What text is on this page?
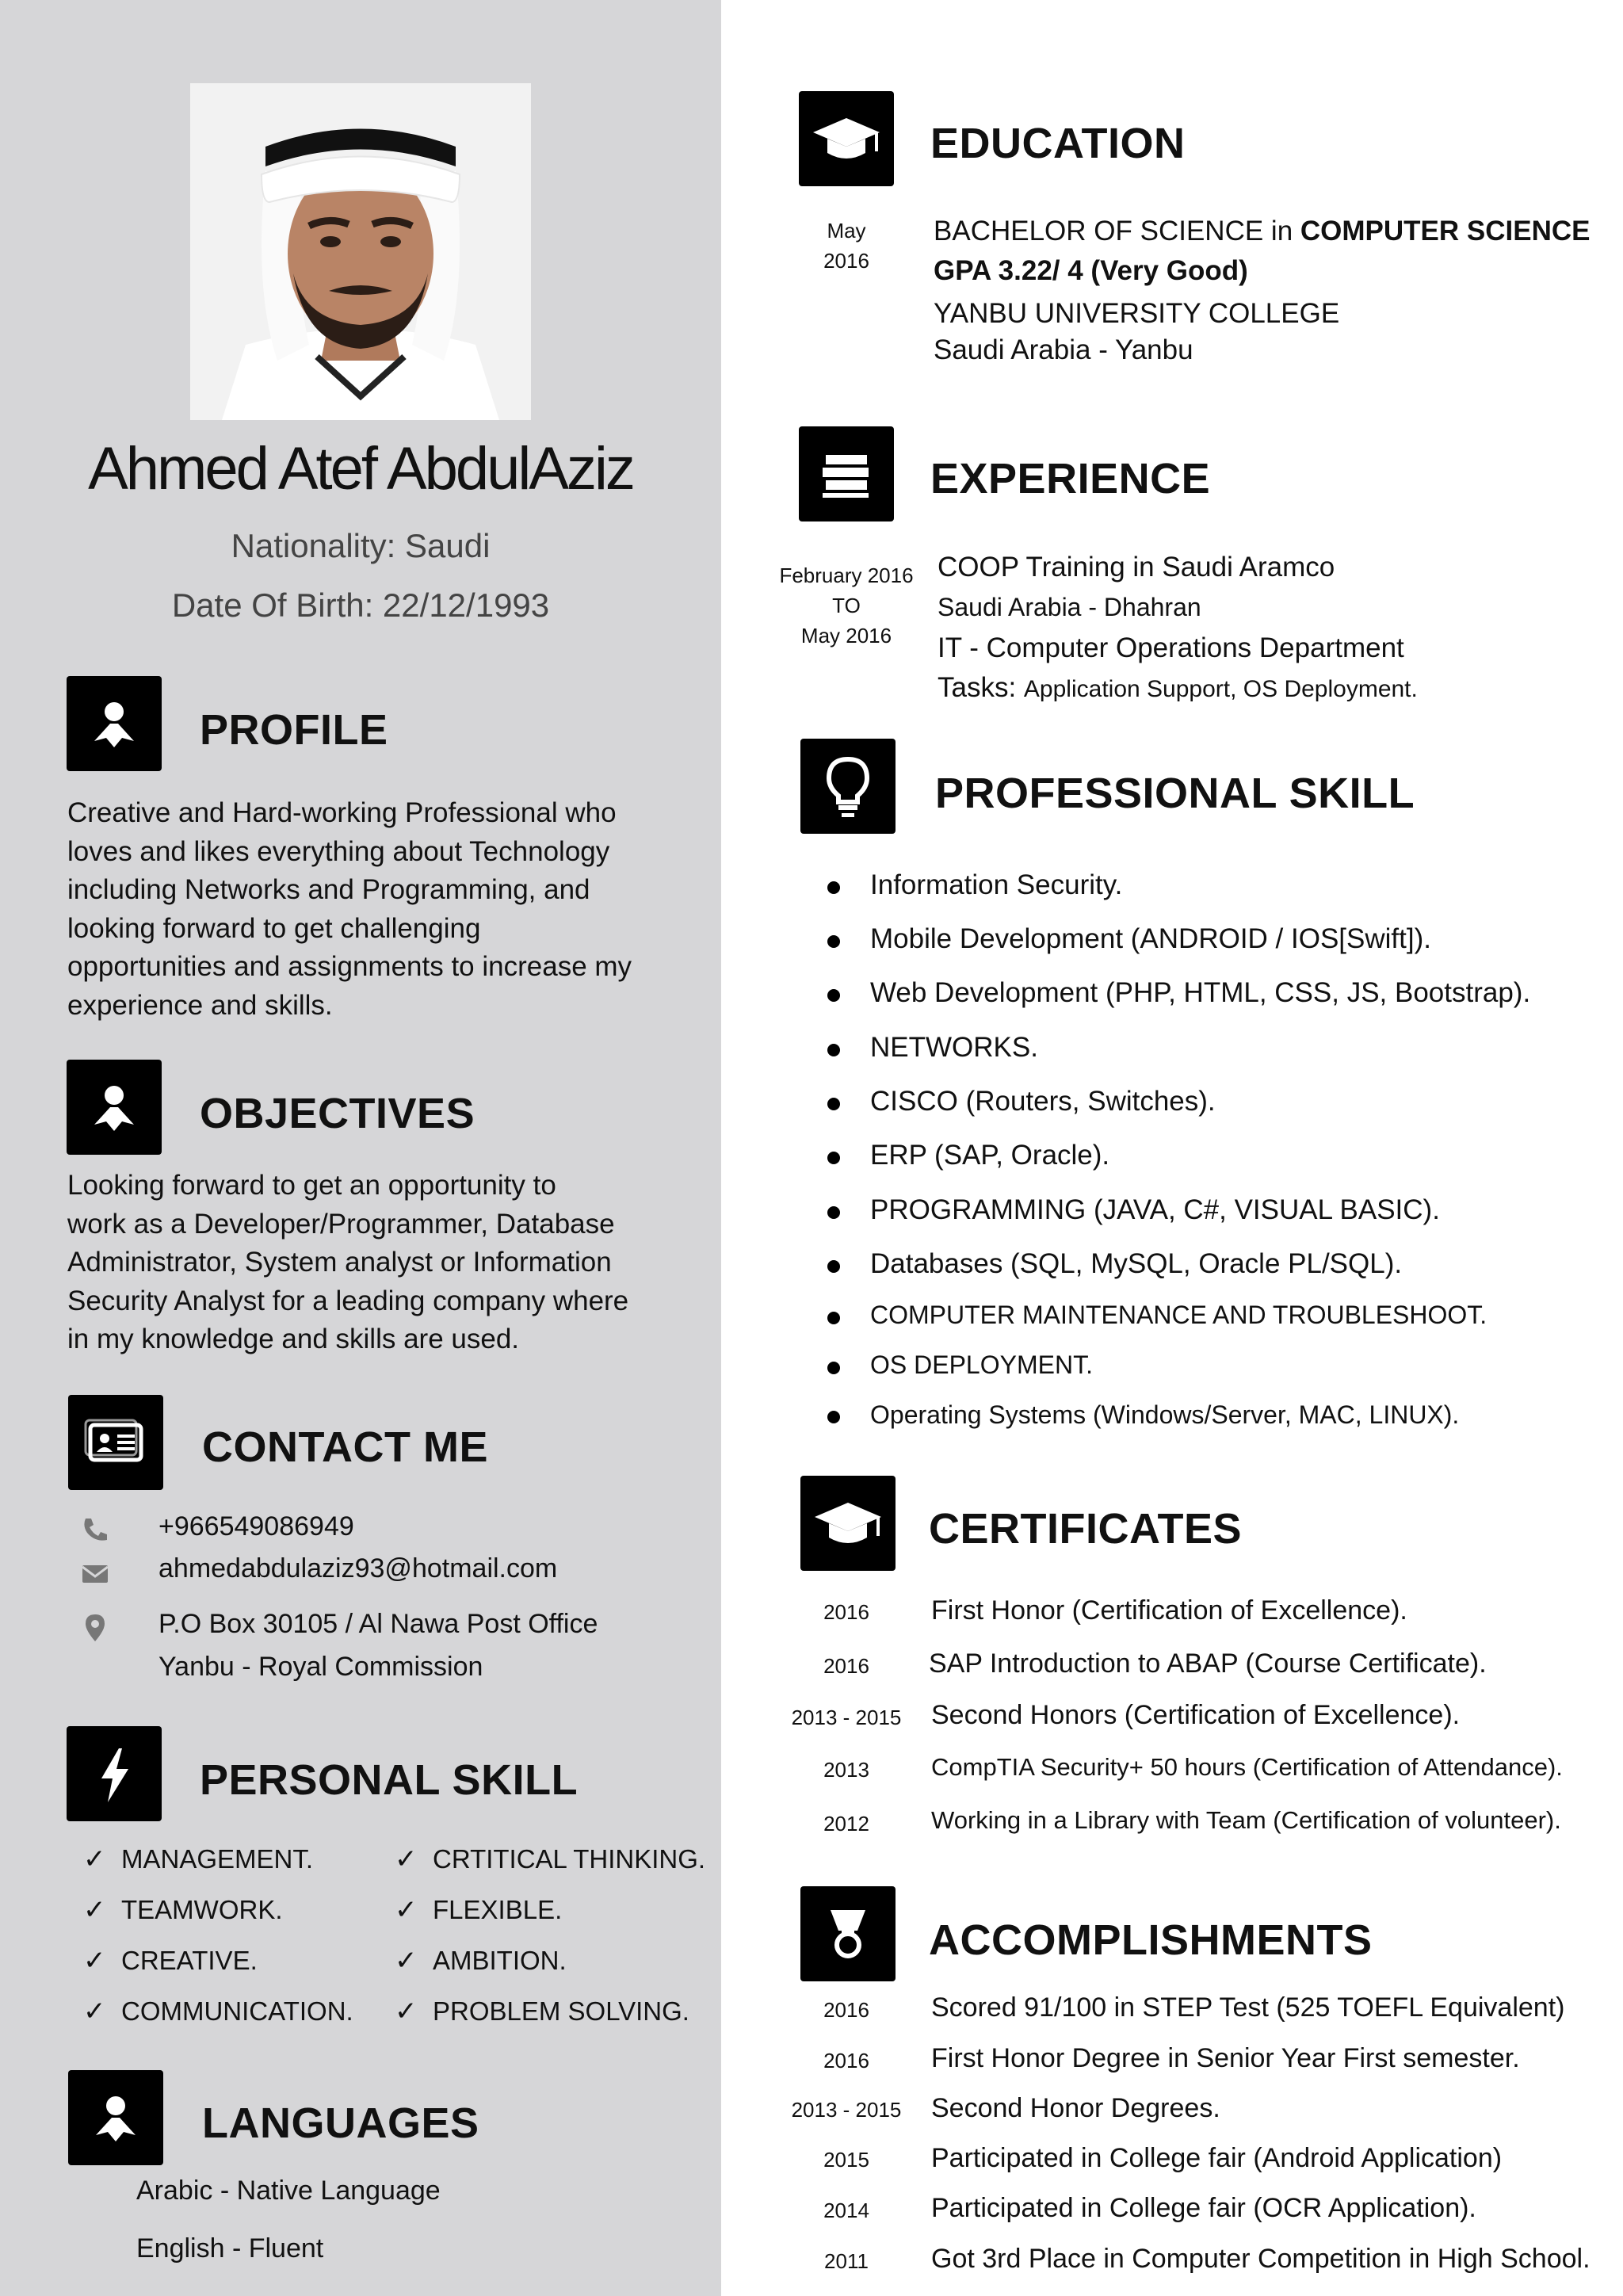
Ahmed Atef AbdulAziz
Nationality: Saudi
Date Of Birth: 22/12/1993
PROFILE
Creative and Hard-working Professional who
loves and likes everything about Technology
including Networks and Programming, and
looking forward to get challenging
opportunities and assignments to increase my
experience and skills.
OBJECTIVES
Looking forward to get an opportunity to
work as a Developer/Programmer, Database
Administrator, System analyst or Information
Security Analyst for a leading company where
in my knowledge and skills are used.
CONTACT ME
+966549086949
ahmedabdulaziz93@hotmail.com
P.O Box 30105 / Al Nawa Post Office
Yanbu - Royal Commission
PERSONAL SKILL
✓ MANAGEMENT.
✓ TEAMWORK.
✓ CREATIVE.
✓ COMMUNICATION.
✓ CRTITICAL THINKING.
✓ FLEXIBLE.
✓ AMBITION.
✓ PROBLEM SOLVING.
LANGUAGES
Arabic - Native Language
English - Fluent
EDUCATION
May
2016
BACHELOR OF SCIENCE in COMPUTER SCIENCE
GPA 3.22/ 4 (Very Good)
YANBU UNIVERSITY COLLEGE
Saudi Arabia - Yanbu
EXPERIENCE
February 2016
TO
May 2016
COOP Training in Saudi Aramco
Saudi Arabia - Dhahran
IT - Computer Operations Department
Tasks: Application Support, OS Deployment.
PROFESSIONAL SKILL
Information Security.
Mobile Development (ANDROID / IOS[Swift]).
Web Development (PHP, HTML, CSS, JS, Bootstrap).
NETWORKS.
CISCO (Routers, Switches).
ERP (SAP, Oracle).
PROGRAMMING (JAVA, C#, VISUAL BASIC).
Databases (SQL, MySQL, Oracle PL/SQL).
COMPUTER MAINTENANCE AND TROUBLESHOOT.
OS DEPLOYMENT.
Operating Systems (Windows/Server, MAC, LINUX).
CERTIFICATES
2016	First Honor (Certification of Excellence).
2016	SAP Introduction to ABAP (Course Certificate).
2013 - 2015	Second Honors (Certification of Excellence).
2013	CompTIA Security+ 50 hours (Certification of Attendance).
2012	Working in a Library with Team (Certification of volunteer).
ACCOMPLISHMENTS
2016	Scored 91/100 in STEP Test (525 TOEFL Equivalent)
2016	First Honor Degree in Senior Year First semester.
2013 - 2015	Second Honor Degrees.
2015	Participated in College fair (Android Application)
2014	Participated in College fair (OCR Application).
2011	Got 3rd Place in Computer Competition in High School.
